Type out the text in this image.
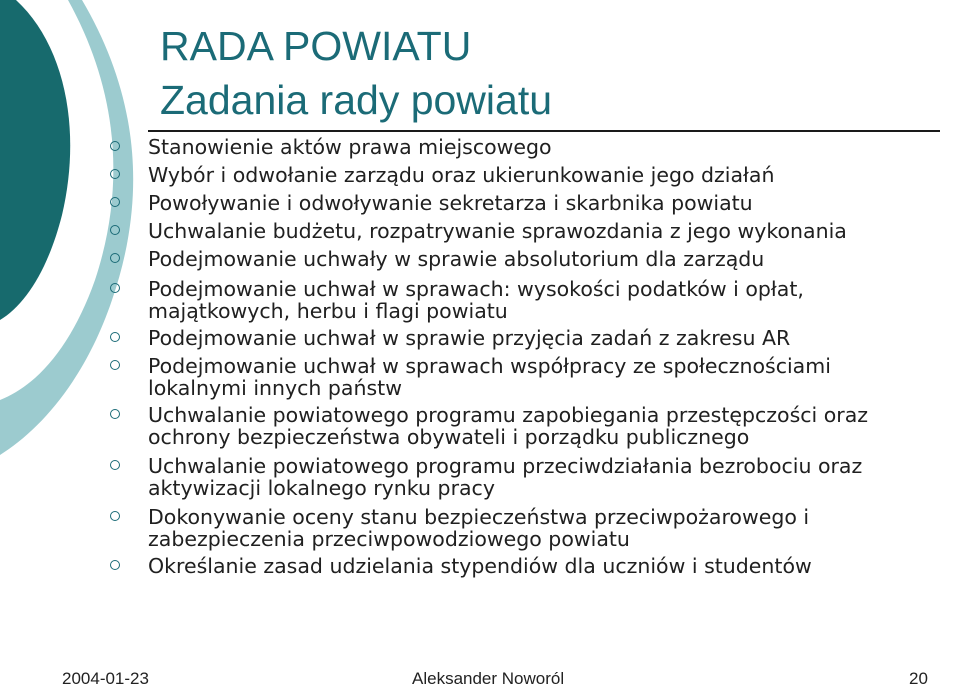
RADA POWIATU
Zadania rady powiatu
Stanowienie aktów prawa miejscowego
Wybór i odwołanie zarządu oraz ukierunkowanie jego działań
Powoływanie i odwoływanie sekretarza i skarbnika powiatu
Uchwalanie budżetu, rozpatrywanie sprawozdania z jego wykonania
Podejmowanie uchwały w sprawie absolutorium dla zarządu
Podejmowanie uchwał w sprawach: wysokości podatków i opłat,
majątkowych, herbu i flagi powiatu
Podejmowanie uchwał w sprawie przyjęcia zadań z zakresu AR
Podejmowanie uchwał w sprawach współpracy ze społecznościami
lokalnymi innych państw
Uchwalanie powiatowego programu zapobiegania przestępczości oraz
ochrony bezpieczeństwa obywateli i porządku publicznego
Uchwalanie powiatowego programu przeciwdziałania bezrobociu oraz
aktywizacji lokalnego rynku pracy
Dokonywanie oceny stanu bezpieczeństwa przeciwpożarowego i
zabezpieczenia przeciwpowodziowego powiatu
Określanie zasad udzielania stypendiów dla uczniów i studentów
2004-01-23	Aleksander Noworól	20
